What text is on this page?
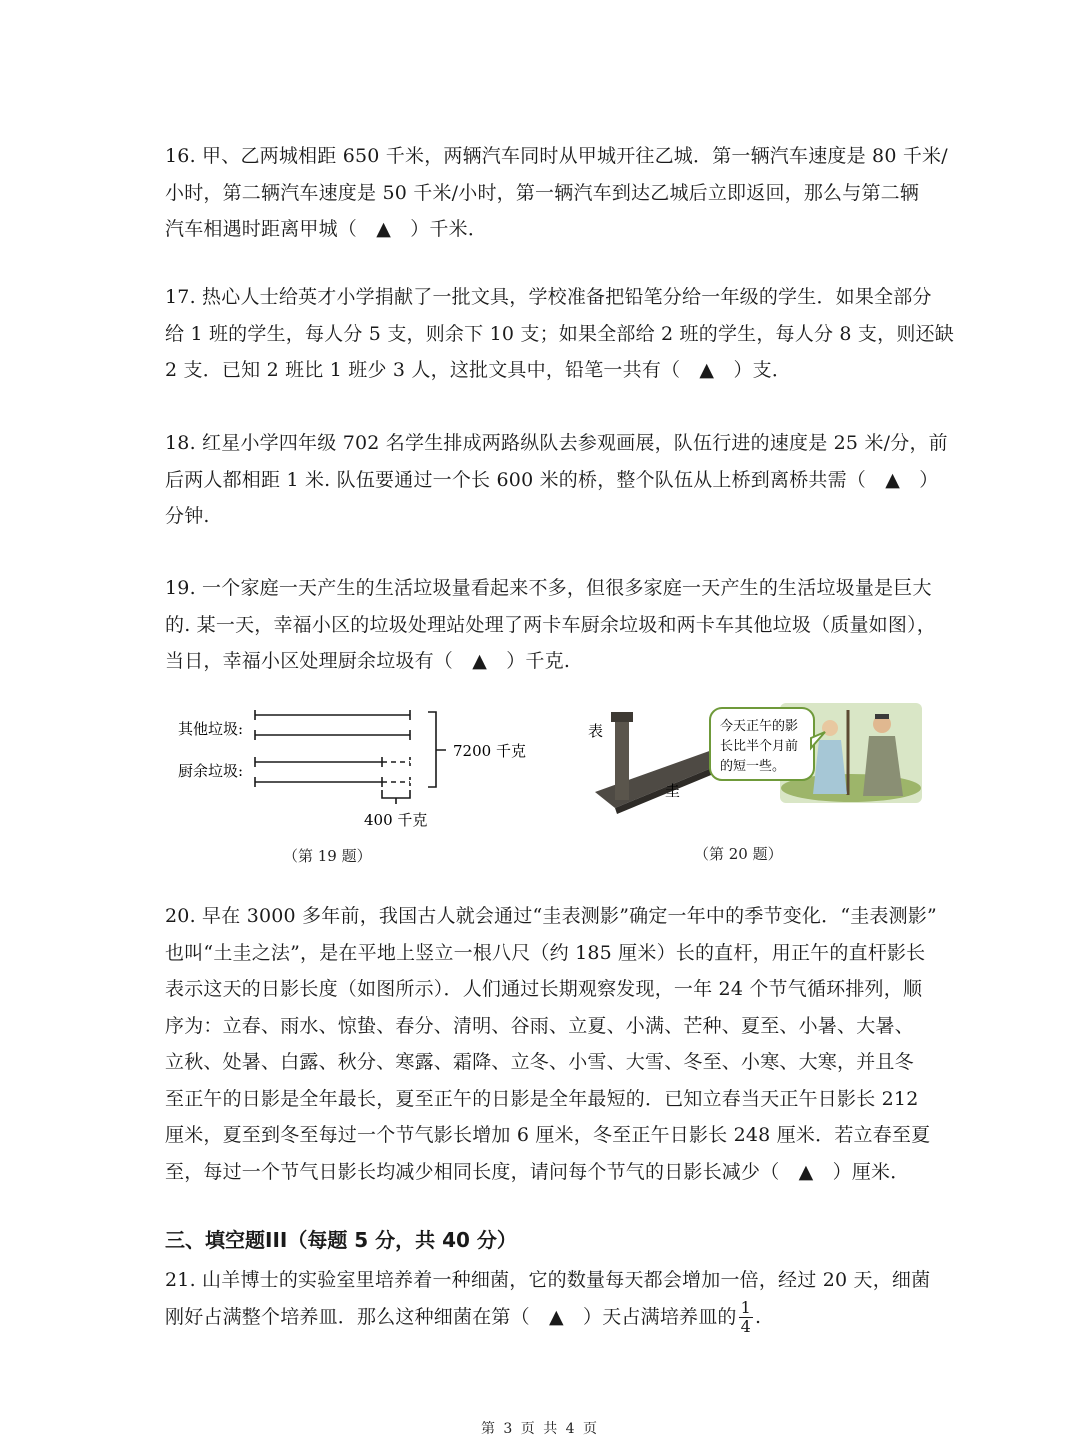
16. 甲、乙两城相距 650 千米，两辆汽车同时从甲城开往乙城．第一辆汽车速度是 80 千米/
小时，第二辆汽车速度是 50 千米/小时，第一辆汽车到达乙城后立即返回，那么与第二辆
汽车相遇时距离甲城（　▲　）千米．
17. 热心人士给英才小学捐献了一批文具，学校准备把铅笔分给一年级的学生．如果全部分
给 1 班的学生，每人分 5 支，则余下 10 支；如果全部给 2 班的学生，每人分 8 支，则还缺
2 支．已知 2 班比 1 班少 3 人，这批文具中，铅笔一共有（　▲　）支．
18. 红星小学四年级 702 名学生排成两路纵队去参观画展，队伍行进的速度是 25 米/分，前
后两人都相距 1 米. 队伍要通过一个长 600 米的桥，整个队伍从上桥到离桥共需（　▲　）
分钟.
19. 一个家庭一天产生的生活垃圾量看起来不多，但很多家庭一天产生的生活垃圾量是巨大
的. 某一天，幸福小区的垃圾处理站处理了两卡车厨余垃圾和两卡车其他垃圾（质量如图），
当日，幸福小区处理厨余垃圾有（　▲　）千克.
其他垃圾:
厨余垃圾:
7200 千克
400 千克
（第 19 题）
表
圭
今天正午的影
长比半个月前
的短一些。
（第 20 题）
20. 早在 3000 多年前，我国古人就会通过“圭表测影”确定一年中的季节变化．“圭表测影”
也叫“土圭之法”，是在平地上竖立一根八尺（约 185 厘米）长的直杆，用正午的直杆影长
表示这天的日影长度（如图所示）．人们通过长期观察发现，一年 24 个节气循环排列，顺
序为：立春、雨水、惊蛰、春分、清明、谷雨、立夏、小满、芒种、夏至、小暑、大暑、
立秋、处暑、白露、秋分、寒露、霜降、立冬、小雪、大雪、冬至、小寒、大寒，并且冬
至正午的日影是全年最长，夏至正午的日影是全年最短的．已知立春当天正午日影长 212
厘米，夏至到冬至每过一个节气影长增加 6 厘米，冬至正午日影长 248 厘米．若立春至夏
至，每过一个节气日影长均减少相同长度，请问每个节气的日影长减少（　▲　）厘米．
三、填空题III（每题 5 分，共 40 分）
21. 山羊博士的实验室里培养着一种细菌，它的数量每天都会增加一倍，经过 20 天，细菌
刚好占满整个培养皿．那么这种细菌在第（　▲　）天占满培养皿的 $\frac{1}{4}$ .
第 3 页 共 4 页
